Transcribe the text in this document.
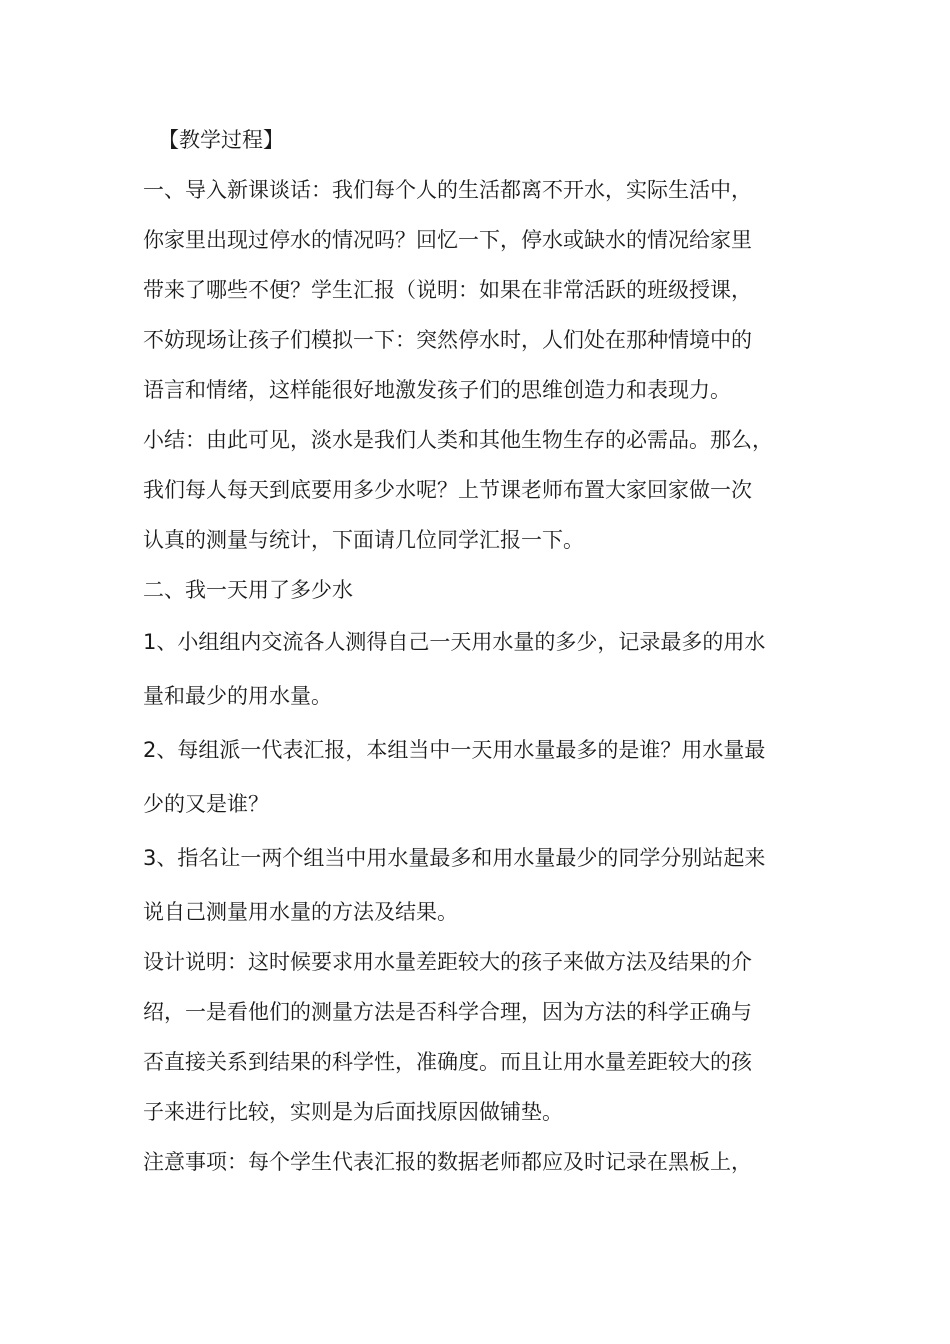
【教学过程】

一、导入新课谈话：我们每个人的生活都离不开水，实际生活中，

你家里出现过停水的情况吗？回忆一下，停水或缺水的情况给家里

带来了哪些不便？学生汇报（说明：如果在非常活跃的班级授课，

不妨现场让孩子们模拟一下：突然停水时，人们处在那种情境中的

语言和情绪，这样能很好地激发孩子们的思维创造力和表现力。

小结：由此可见，淡水是我们人类和其他生物生存的必需品。那么，

我们每人每天到底要用多少水呢？上节课老师布置大家回家做一次

认真的测量与统计，下面请几位同学汇报一下。

二、我一天用了多少水

1、小组组内交流各人测得自己一天用水量的多少，记录最多的用水

量和最少的用水量。

2、每组派一代表汇报，本组当中一天用水量最多的是谁？用水量最

少的又是谁？

3、指名让一两个组当中用水量最多和用水量最少的同学分别站起来

说自己测量用水量的方法及结果。

设计说明：这时候要求用水量差距较大的孩子来做方法及结果的介

绍，一是看他们的测量方法是否科学合理，因为方法的科学正确与

否直接关系到结果的科学性，准确度。而且让用水量差距较大的孩

子来进行比较，实则是为后面找原因做铺垫。

注意事项：每个学生代表汇报的数据老师都应及时记录在黑板上，
